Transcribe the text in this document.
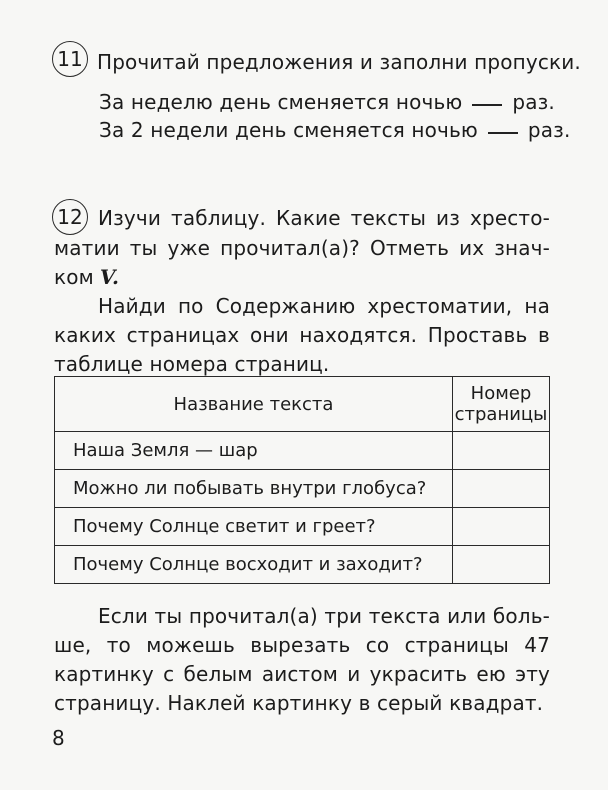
11 Прочитай предложения и заполни пропуски.
За неделю день сменяется ночью	раз.
За 2 недели день сменяется ночью	раз.
12 Изучи таблицу. Какие тексты из хресто-
матии ты уже прочитал(а)? Отметь их знач-
ком V.
Найди по Содержанию хрестоматии, на
каких страницах они находятся. Проставь в
таблице номера страниц.
Название текста	Номер
страницы
Наша Земля — шар	
Можно ли побывать внутри глобуса?	
Почему Солнце светит и греет?	
Почему Солнце восходит и заходит?	
Если ты прочитал(а) три текста или боль-
ше, то можешь вырезать со страницы 47
картинку с белым аистом и украсить ею эту
страницу. Наклей картинку в серый квадрат.
8
